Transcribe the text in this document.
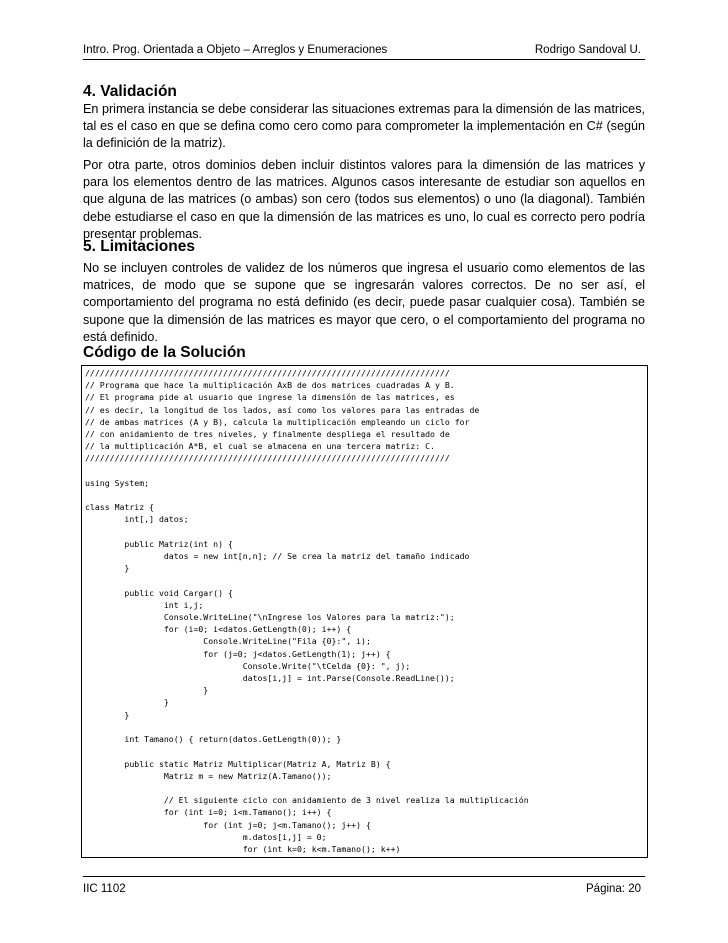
Intro. Prog. Orientada a Objeto – Arreglos y Enumeraciones	Rodrigo Sandoval U.
4. Validación

En primera instancia se debe considerar las situaciones extremas para la dimensión de las matrices, tal es el caso en que se defina como cero como para comprometer la implementación en C# (según la definición de la matriz).

Por otra parte, otros dominios deben incluir distintos valores para la dimensión de las matrices y para los elementos dentro de las matrices. Algunos casos interesante de estudiar son aquellos en que alguna de las matrices (o ambas) son cero (todos sus elementos) o uno (la diagonal). También debe estudiarse el caso en que la dimensión de las matrices es uno, lo cual es correcto pero podría presentar problemas.

5. Limitaciones

No se incluyen controles de validez de los números que ingresa el usuario como elementos de las matrices, de modo que se supone que se ingresarán valores correctos. De no ser así, el comportamiento del programa no está definido (es decir, puede pasar cualquier cosa). También se supone que la dimensión de las matrices es mayor que cero, o el comportamiento del programa no está definido.

Código de la Solución
//////////////////////////////////////////////////////////////////////////
// Programa que hace la multiplicación AxB de dos matrices cuadradas A y B.
// El programa pide al usuario que ingrese la dimensión de las matrices, es
// es decir, la longitud de los lados, así como los valores para las entradas de
// de ambas matrices (A y B), calcula la multiplicación empleando un ciclo for
// con anidamiento de tres niveles, y finalmente despliega el resultado de
// la multiplicación A*B, el cual se almacena en una tercera matriz: C.
//////////////////////////////////////////////////////////////////////////

using System;

class Matriz {
int[,] datos;

public Matriz(int n) {
datos = new int[n,n]; // Se crea la matriz del tamaño indicado
}

public void Cargar() {
int i,j;
Console.WriteLine("\nIngrese los Valores para la matriz:");
for (i=0; i<datos.GetLength(0); i++) {
Console.WriteLine("Fila {0}:", i);
for (j=0; j<datos.GetLength(1); j++) {
Console.Write("\tCelda {0}: ", j);
datos[i,j] = int.Parse(Console.ReadLine());
}
}
}

int Tamano() { return(datos.GetLength(0)); }

public static Matriz Multiplicar(Matriz A, Matriz B) {
Matriz m = new Matriz(A.Tamano());

// El siguiente ciclo con anidamiento de 3 nivel realiza la multiplicación
for (int i=0; i<m.Tamano(); i++) {
for (int j=0; j<m.Tamano(); j++) {
m.datos[i,j] = 0;
for (int k=0; k<m.Tamano(); k++)

IIC 1102	Página: 20
